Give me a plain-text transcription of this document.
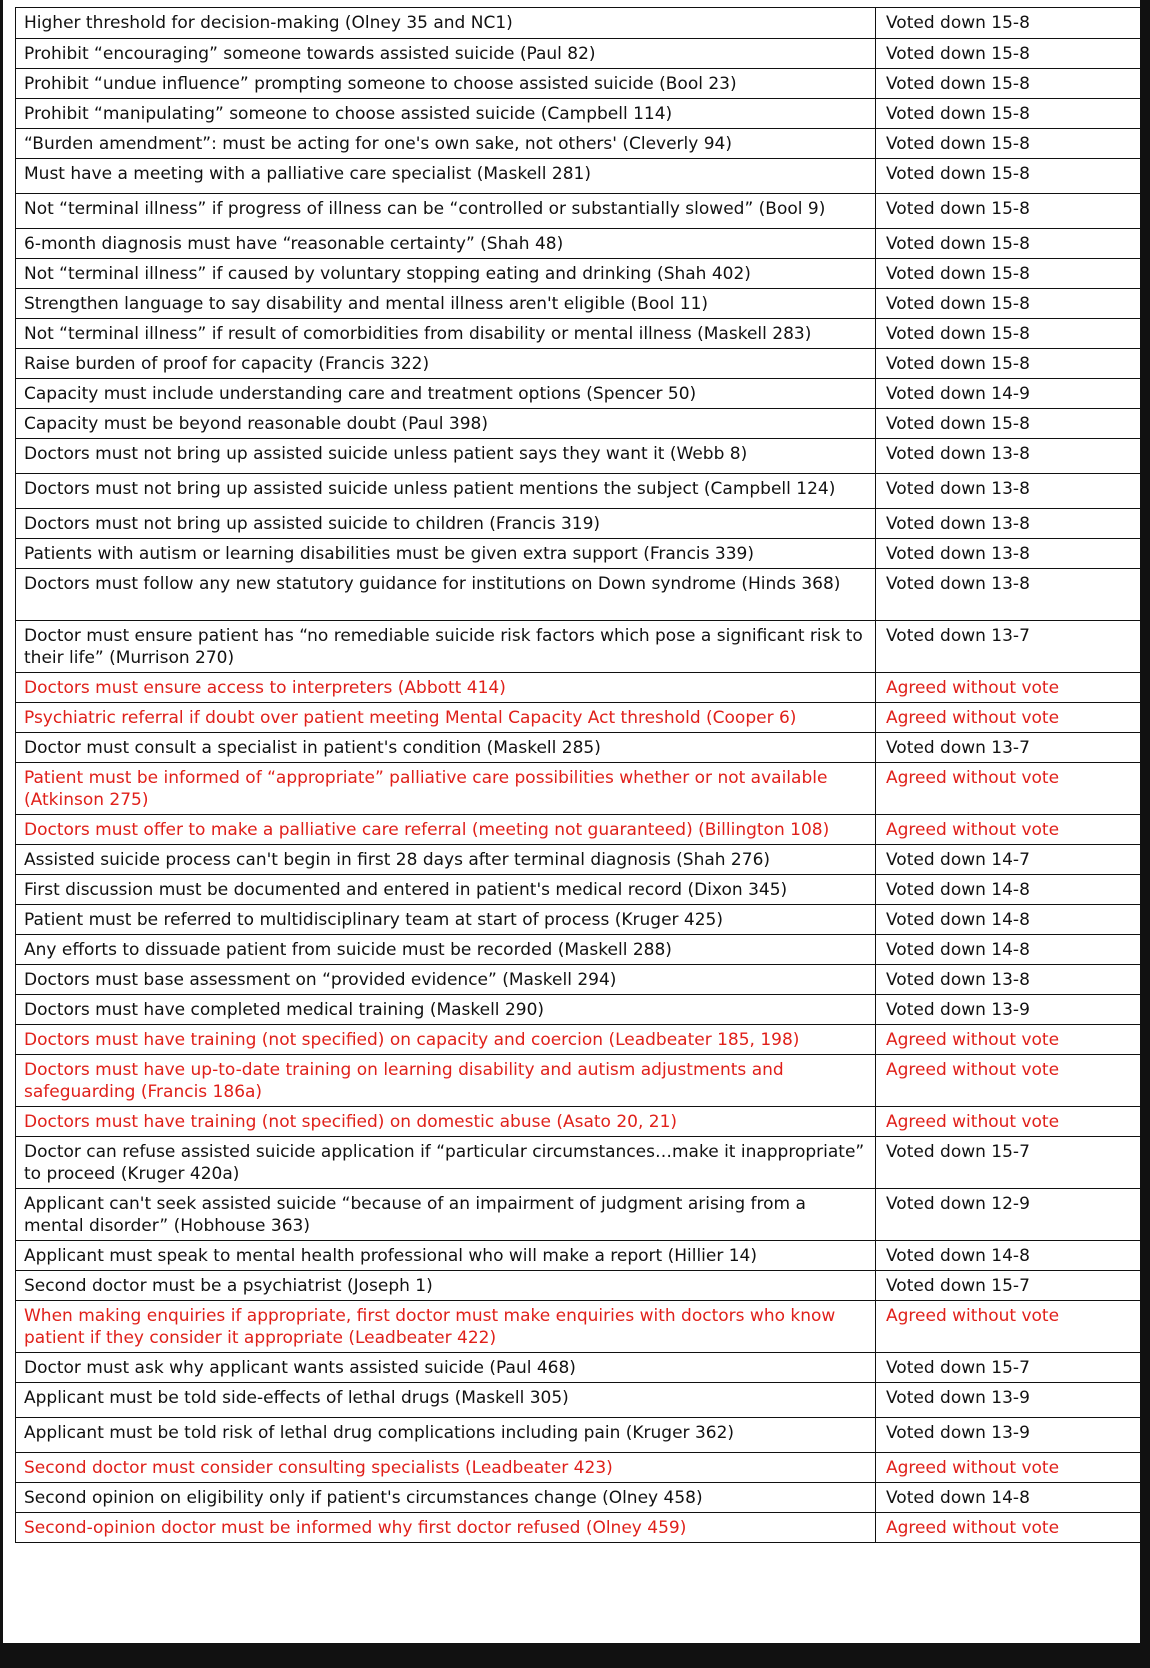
Higher threshold for decision-making (Olney 35 and NC1)	Voted down 15-8
Prohibit “encouraging” someone towards assisted suicide (Paul 82)	Voted down 15-8
Prohibit “undue influence” prompting someone to choose assisted suicide (Bool 23)	Voted down 15-8
Prohibit “manipulating” someone to choose assisted suicide (Campbell 114)	Voted down 15-8
“Burden amendment”: must be acting for one's own sake, not others' (Cleverly 94)	Voted down 15-8
Must have a meeting with a palliative care specialist (Maskell 281)	Voted down 15-8
Not “terminal illness” if progress of illness can be “controlled or substantially slowed” (Bool 9)	Voted down 15-8
6-month diagnosis must have “reasonable certainty” (Shah 48)	Voted down 15-8
Not “terminal illness” if caused by voluntary stopping eating and drinking (Shah 402)	Voted down 15-8
Strengthen language to say disability and mental illness aren't eligible (Bool 11)	Voted down 15-8
Not “terminal illness” if result of comorbidities from disability or mental illness (Maskell 283)	Voted down 15-8
Raise burden of proof for capacity (Francis 322)	Voted down 15-8
Capacity must include understanding care and treatment options (Spencer 50)	Voted down 14-9
Capacity must be beyond reasonable doubt (Paul 398)	Voted down 15-8
Doctors must not bring up assisted suicide unless patient says they want it (Webb 8)	Voted down 13-8
Doctors must not bring up assisted suicide unless patient mentions the subject (Campbell 124)	Voted down 13-8
Doctors must not bring up assisted suicide to children (Francis 319)	Voted down 13-8
Patients with autism or learning disabilities must be given extra support (Francis 339)	Voted down 13-8
Doctors must follow any new statutory guidance for institutions on Down syndrome (Hinds 368)	Voted down 13-8
Doctor must ensure patient has “no remediable suicide risk factors which pose a significant risk to their life” (Murrison 270)	Voted down 13-7
Doctors must ensure access to interpreters (Abbott 414)	Agreed without vote
Psychiatric referral if doubt over patient meeting Mental Capacity Act threshold (Cooper 6)	Agreed without vote
Doctor must consult a specialist in patient's condition (Maskell 285)	Voted down 13-7
Patient must be informed of “appropriate” palliative care possibilities whether or not available (Atkinson 275)	Agreed without vote
Doctors must offer to make a palliative care referral (meeting not guaranteed) (Billington 108)	Agreed without vote
Assisted suicide process can't begin in first 28 days after terminal diagnosis (Shah 276)	Voted down 14-7
First discussion must be documented and entered in patient's medical record (Dixon 345)	Voted down 14-8
Patient must be referred to multidisciplinary team at start of process (Kruger 425)	Voted down 14-8
Any efforts to dissuade patient from suicide must be recorded (Maskell 288)	Voted down 14-8
Doctors must base assessment on “provided evidence” (Maskell 294)	Voted down 13-8
Doctors must have completed medical training (Maskell 290)	Voted down 13-9
Doctors must have training (not specified) on capacity and coercion (Leadbeater 185, 198)	Agreed without vote
Doctors must have up-to-date training on learning disability and autism adjustments and safeguarding (Francis 186a)	Agreed without vote
Doctors must have training (not specified) on domestic abuse (Asato 20, 21)	Agreed without vote
Doctor can refuse assisted suicide application if “particular circumstances…make it inappropriate” to proceed (Kruger 420a)	Voted down 15-7
Applicant can't seek assisted suicide “because of an impairment of judgment arising from a mental disorder” (Hobhouse 363)	Voted down 12-9
Applicant must speak to mental health professional who will make a report (Hillier 14)	Voted down 14-8
Second doctor must be a psychiatrist (Joseph 1)	Voted down 15-7
When making enquiries if appropriate, first doctor must make enquiries with doctors who know patient if they consider it appropriate (Leadbeater 422)	Agreed without vote
Doctor must ask why applicant wants assisted suicide (Paul 468)	Voted down 15-7
Applicant must be told side-effects of lethal drugs (Maskell 305)	Voted down 13-9
Applicant must be told risk of lethal drug complications including pain (Kruger 362)	Voted down 13-9
Second doctor must consider consulting specialists (Leadbeater 423)	Agreed without vote
Second opinion on eligibility only if patient's circumstances change (Olney 458)	Voted down 14-8
Second-opinion doctor must be informed why first doctor refused (Olney 459)	Agreed without vote
